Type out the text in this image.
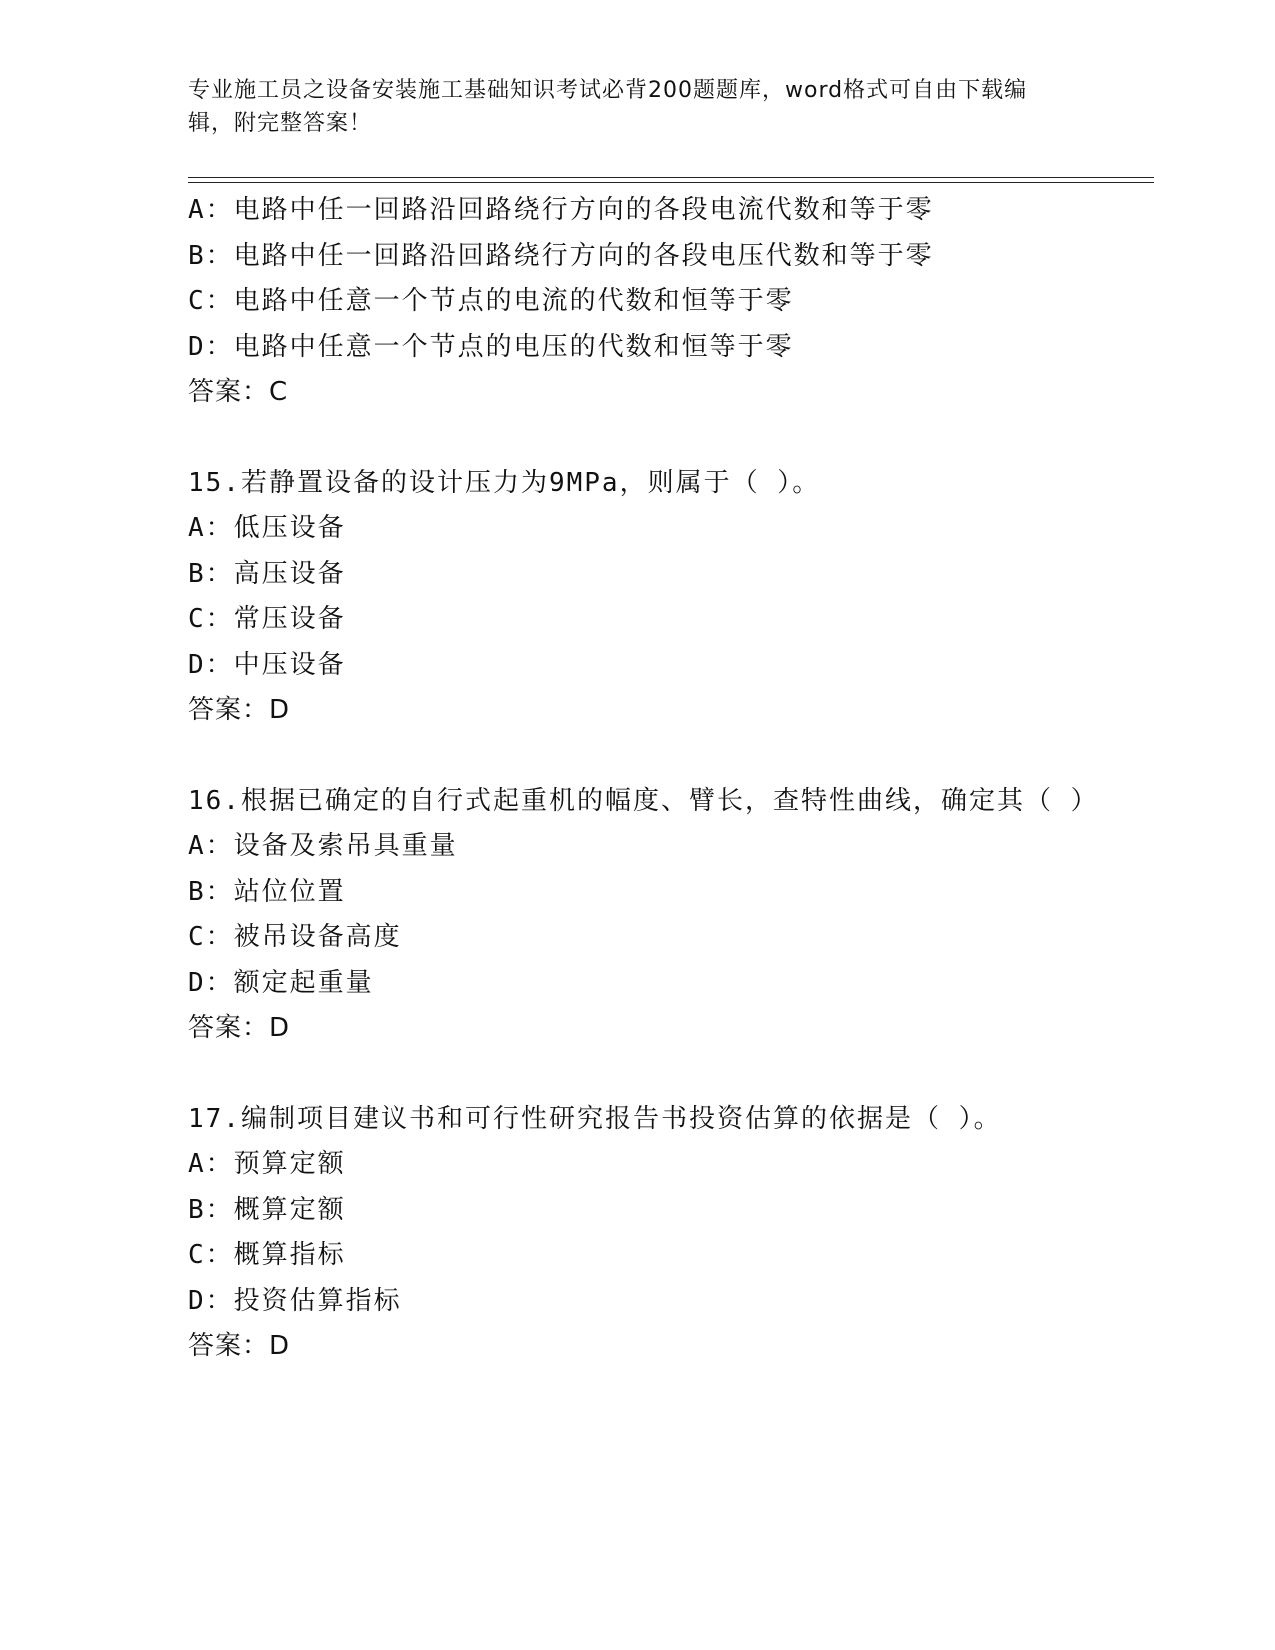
专业施工员之设备安装施工基础知识考试必背200题题库，word格式可自由下载编辑，附完整答案！
A：电路中任一回路沿回路绕行方向的各段电流代数和等于零
B：电路中任一回路沿回路绕行方向的各段电压代数和等于零
C：电路中任意一个节点的电流的代数和恒等于零
D：电路中任意一个节点的电压的代数和恒等于零
答案：C
15.若静置设备的设计压力为9MPa，则属于（ ）。
A：低压设备
B：高压设备
C：常压设备
D：中压设备
答案：D
16.根据已确定的自行式起重机的幅度、臂长，查特性曲线，确定其（ ）
A：设备及索吊具重量
B：站位位置
C：被吊设备高度
D：额定起重量
答案：D
17.编制项目建议书和可行性研究报告书投资估算的依据是（ ）。
A：预算定额
B：概算定额
C：概算指标
D：投资估算指标
答案：D
